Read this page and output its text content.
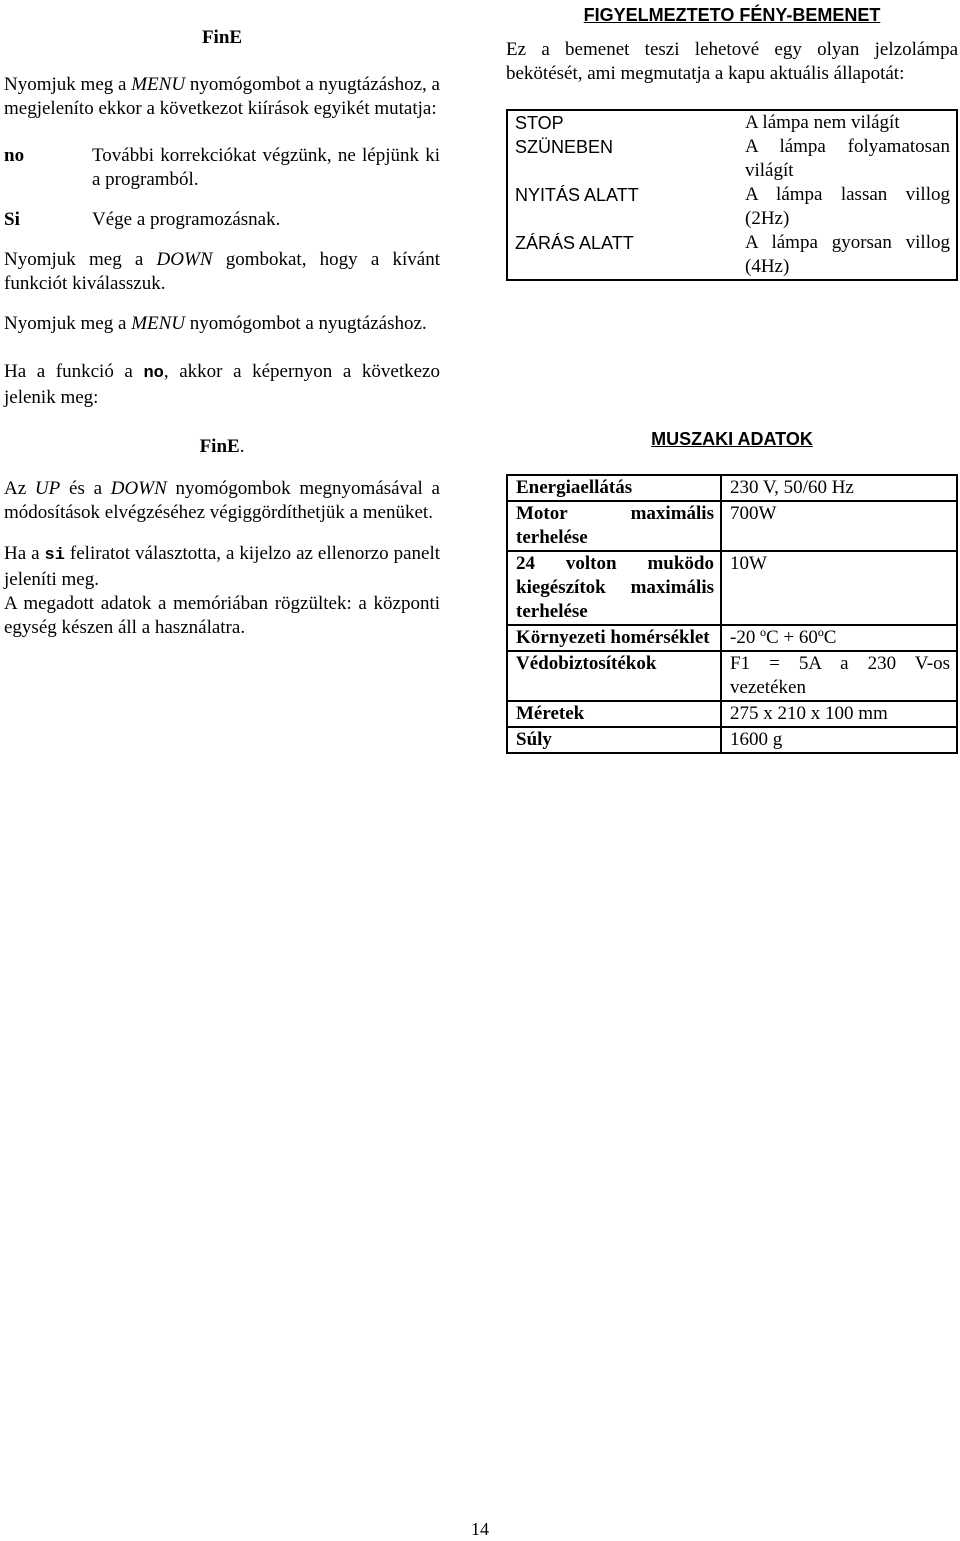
FinE

Nyomjuk meg a MENU nyomógombot a nyugtázáshoz, a megjeleníto ekkor a következot kiírások egyikét mutatja:

no	További korrekciókat végzünk, ne lépjünk ki a programból.
Si	Vége a programozásnak.

Nyomjuk meg a DOWN gombokat, hogy a kívánt funkciót kiválasszuk.

Nyomjuk meg a MENU nyomógombot a nyugtázáshoz.

Ha a funkció a no, akkor a képernyon a következo jelenik meg:

FinE.

Az UP és a DOWN nyomógombok megnyomásával a módosítások elvégzéséhez végiggördíthetjük a menüket.

Ha a si feliratot választotta, a kijelzo az ellenorzo panelt jeleníti meg.

A megadott adatok a memóriában rögzültek: a központi egység készen áll a használatra.

FIGYELMEZTETO FÉNY-BEMENET

Ez a bemenet teszi lehetové egy olyan jelzolámpa bekötését, ami megmutatja a kapu aktuális állapotát:

STOP	A lámpa nem világít
SZÜNEBEN	A lámpa folyamatosan világít
NYITÁS ALATT	A lámpa lassan villog (2Hz)
ZÁRÁS ALATT	A lámpa gyorsan villog (4Hz)
MUSZAKI ADATOK
Energiaellátás	230 V, 50/60 Hz
Motor maximális terhelése	700W
24 volton muködo kiegészítok maximális terhelése	10W
Környezeti homérséklet	-20 ºC + 60ºC
Védobiztosítékok	F1 = 5A a 230 V-os vezetéken
Méretek	275 x 210 x 100 mm
Súly	1600 g
14
